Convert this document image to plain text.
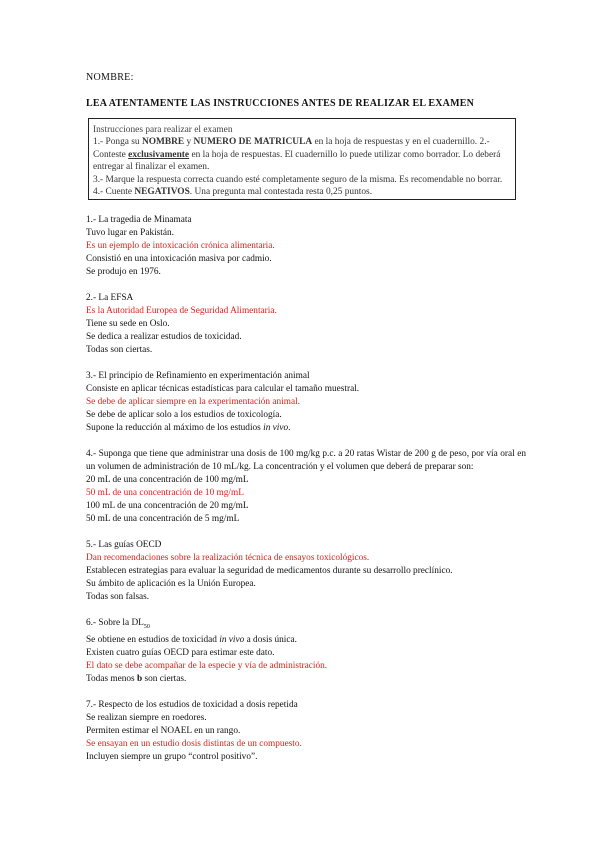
NOMBRE:
LEA ATENTAMENTE LAS INSTRUCCIONES ANTES DE REALIZAR EL EXAMEN

Instrucciones para realizar el examen

1.- Ponga su NOMBRE y NUMERO DE MATRICULA en la hoja de respuestas y en el cuadernillo. 2.- Conteste exclusivamente en la hoja de respuestas. El cuadernillo lo puede utilizar como borrador. Lo deberá entregar al finalizar el examen.

3.- Marque la respuesta correcta cuando esté completamente seguro de la misma. Es recomendable no borrar.

4.- Cuente NEGATIVOS. Una pregunta mal contestada resta 0,25 puntos.

1.- La tragedia de Minamata
Tuvo lugar en Pakistán.
Es un ejemplo de intoxicación crónica alimentaria.
Consistió en una intoxicación masiva por cadmio.
Se produjo en 1976.
2.- La EFSA
Es la Autoridad Europea de Seguridad Alimentaria.
Tiene su sede en Oslo.
Se dedica a realizar estudios de toxicidad.
Todas son ciertas.
3.- El principio de Refinamiento en experimentación animal
Consiste en aplicar técnicas estadísticas para calcular el tamaño muestral.
Se debe de aplicar siempre en la experimentación animal.
Se debe de aplicar solo a los estudios de toxicología.
Supone la reducción al máximo de los estudios in vivo.
4.- Suponga que tiene que administrar una dosis de 100 mg/kg p.c. a 20 ratas Wistar de 200 g de peso, por vía oral en un volumen de administración de 10 mL/kg. La concentración y el volumen que deberá de preparar son:
20 mL de una concentración de 100 mg/mL
50 mL de una concentración de 10 mg/mL
100 mL de una concentración de 20 mg/mL
50 mL de una concentración de 5 mg/mL
5.- Las guías OECD
Dan recomendaciones sobre la realización técnica de ensayos toxicológicos.
Establecen estrategias para evaluar la seguridad de medicamentos durante su desarrollo preclínico.
Su ámbito de aplicación es la Unión Europea.
Todas son falsas.
6.- Sobre la $DL_{50}$
Se obtiene en estudios de toxicidad in vivo a dosis única.
Existen cuatro guías OECD para estimar este dato.
El dato se debe acompañar de la especie y vía de administración.
Todas menos b son ciertas.
7.- Respecto de los estudios de toxicidad a dosis repetida
Se realizan siempre en roedores.
Permiten estimar el NOAEL en un rango.
Se ensayan en un estudio dosis distintas de un compuesto.
Incluyen siempre un grupo “control positivo”.
